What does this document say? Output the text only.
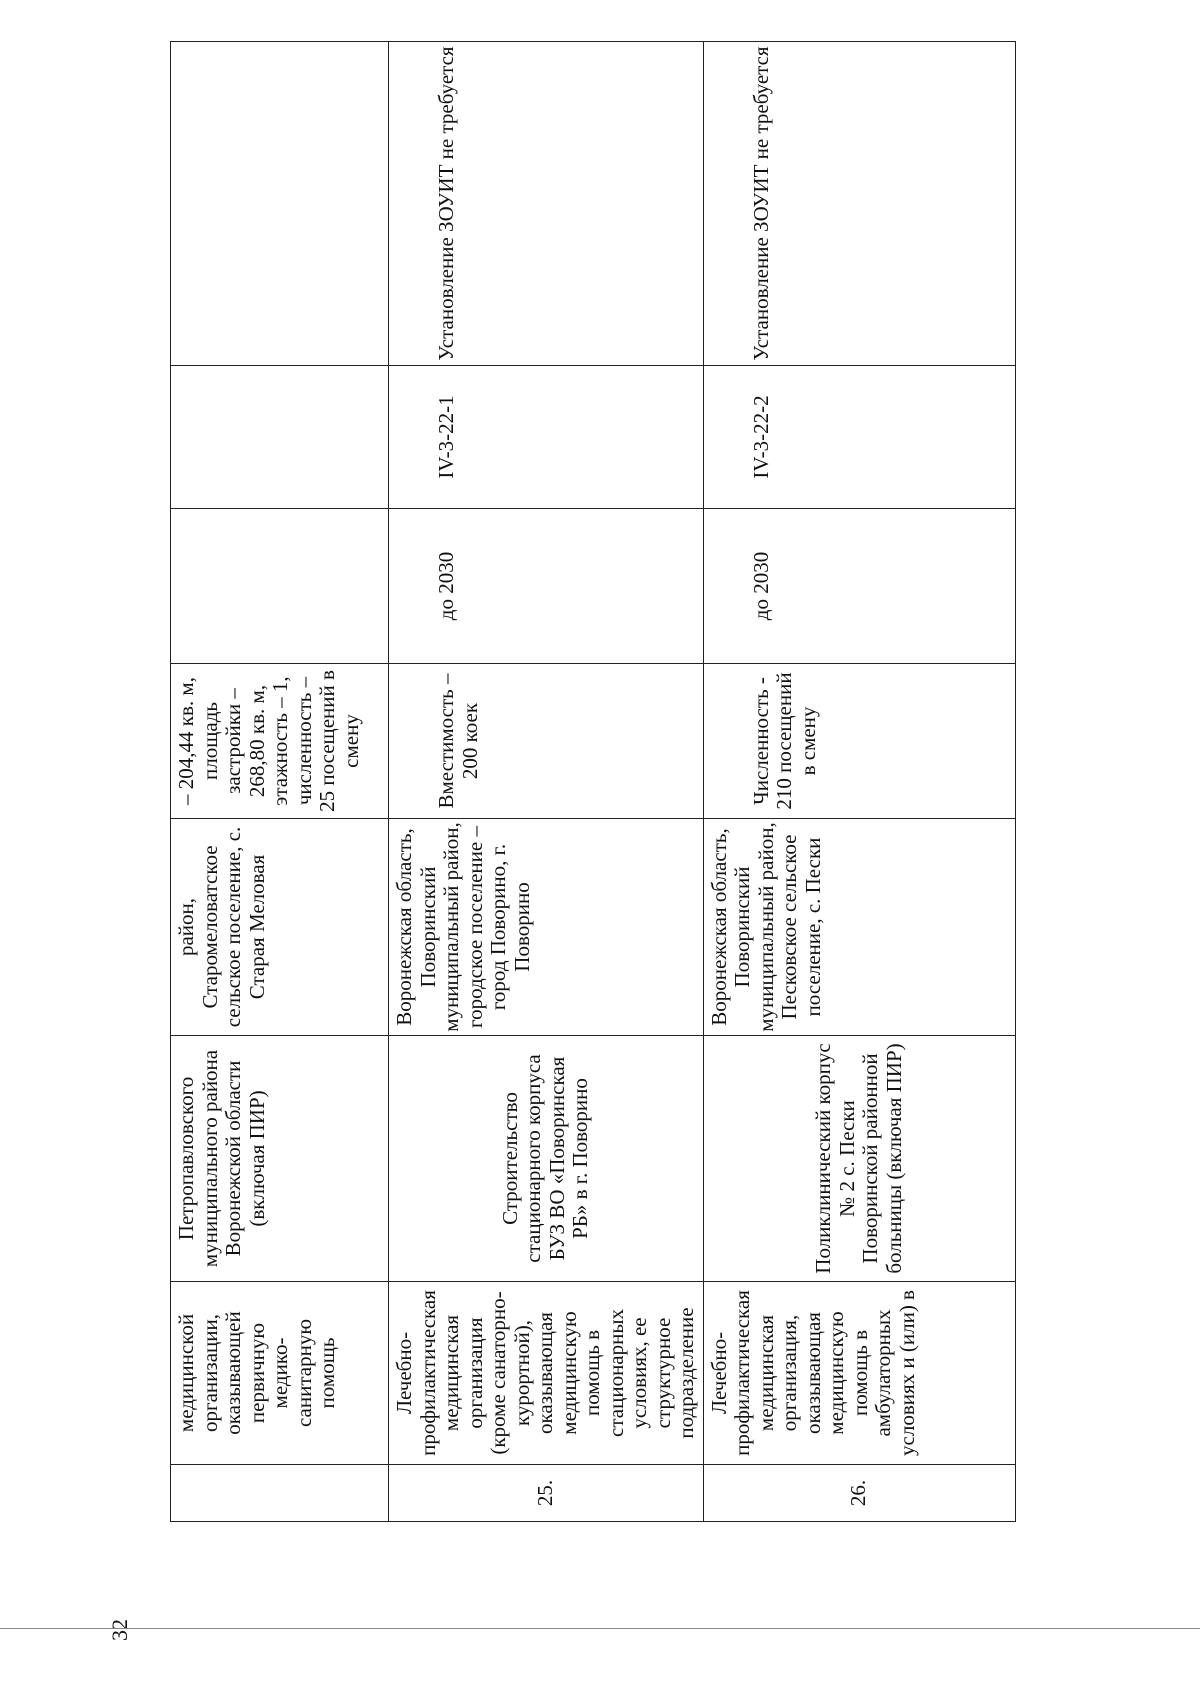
32
	медицинской организации, оказывающей первичную медико-санитарную помощь	Петропавловского муниципального района Воронежской области (включая ПИР)	район, Старомеловатское сельское поселение, с. Старая Меловая	– 204,44 кв. м, площадь застройки – 268,80 кв. м, этажность – 1, численность – 25 посещений в смену			
25.	Лечебно-профилактическая медицинская организация (кроме санаторно-курортной), оказывающая медицинскую помощь в стационарных условиях, ее структурное подразделение	Строительство стационарного корпуса БУЗ ВО «Поворинская РБ» в г. Поворино	Воронежская область, Поворинский муниципальный район, городское поселение – город Поворино, г. Поворино	Вместимость – 200 коек	до 2030	IV-3-22-1	Установление ЗОУИТ не требуется
26.	Лечебно-профилактическая медицинская организация, оказывающая медицинскую помощь в амбулаторных условиях и (или) в	Поликлинический корпус № 2 с. Пески Поворинской районной больницы (включая ПИР)	Воронежская область, Поворинский муниципальный район, Песковское сельское поселение, с. Пески	Численность - 210 посещений в смену	до 2030	IV-3-22-2	Установление ЗОУИТ не требуется
